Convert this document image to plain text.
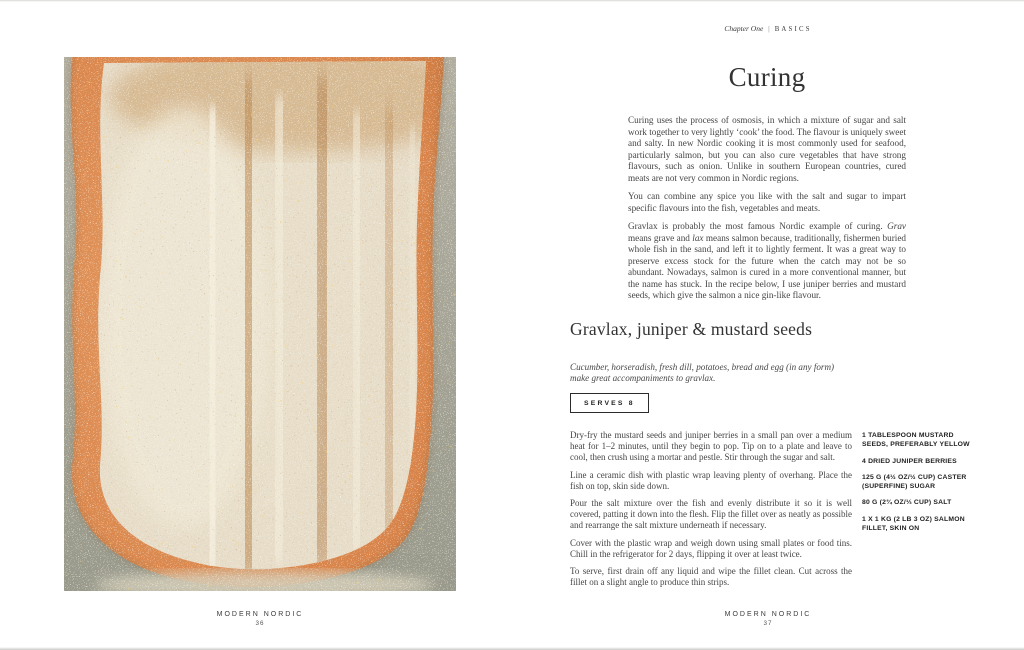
Chapter One | BASICS
MODERN NORDIC
36
Curing

Curing uses the process of osmosis, in which a mixture of sugar and salt work together to very lightly ‘cook’ the food. The flavour is uniquely sweet and salty. In new Nordic cooking it is most commonly used for seafood, particularly salmon, but you can also cure vegetables that have strong flavours, such as onion. Unlike in southern European countries, cured meats are not very common in Nordic regions.

You can combine any spice you like with the salt and sugar to impart specific flavours into the fish, vegetables and meats.

Gravlax is probably the most famous Nordic example of curing. Grav means grave and lax means salmon because, traditionally, fishermen buried whole fish in the sand, and left it to lightly ferment. It was a great way to preserve excess stock for the future when the catch may not be so abundant. Nowadays, salmon is cured in a more conventional manner, but the name has stuck. In the recipe below, I use juniper berries and mustard seeds, which give the salmon a nice gin-like flavour.

Gravlax, juniper & mustard seeds

Cucumber, horseradish, fresh dill, potatoes, bread and egg (in any form) make great accompaniments to gravlax.

SERVES 8

Dry-fry the mustard seeds and juniper berries in a small pan over a medium heat for 1–2 minutes, until they begin to pop. Tip on to a plate and leave to cool, then crush using a mortar and pestle. Stir through the sugar and salt.

Line a ceramic dish with plastic wrap leaving plenty of overhang. Place the fish on top, skin side down.

Pour the salt mixture over the fish and evenly distribute it so it is well covered, patting it down into the flesh. Flip the fillet over as neatly as possible and rearrange the salt mixture underneath if necessary.

Cover with the plastic wrap and weigh down using small plates or food tins. Chill in the refrigerator for 2 days, flipping it over at least twice.

To serve, first drain off any liquid and wipe the fillet clean. Cut across the fillet on a slight angle to produce thin strips.

1 TABLESPOON MUSTARD SEEDS, PREFERABLY YELLOW
4 DRIED JUNIPER BERRIES
125 G (4½ OZ/½ CUP) CASTER (SUPERFINE) SUGAR
80 G (2¾ OZ/⅓ CUP) SALT
1 X 1 KG (2 LB 3 OZ) SALMON FILLET, SKIN ON
MODERN NORDIC
37
